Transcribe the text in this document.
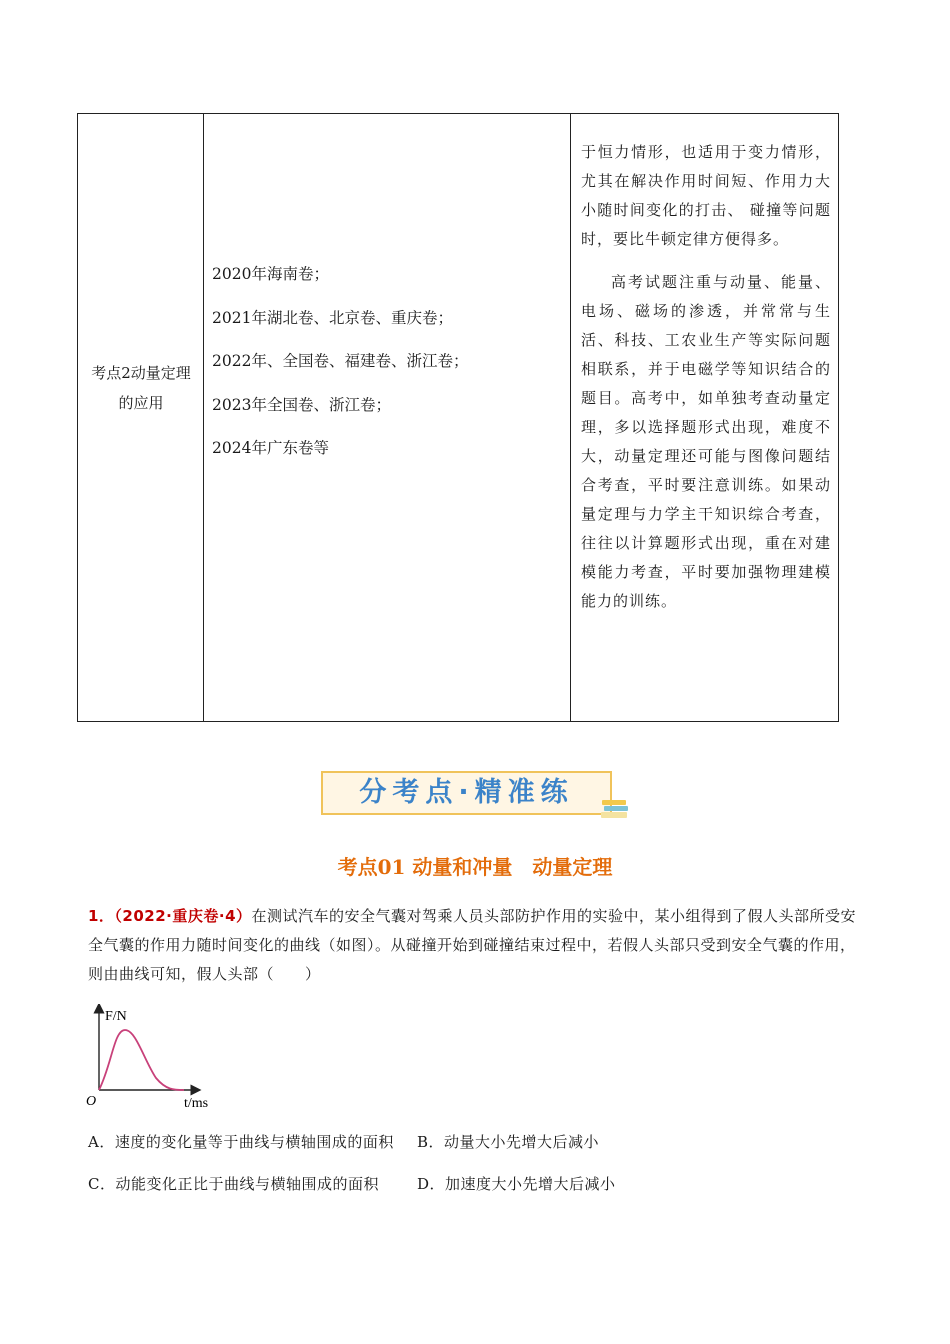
考点2动量定理的应用
2020年海南卷；
2021年湖北卷、北京卷、重庆卷；
2022年、全国卷、福建卷、浙江卷；
2023年全国卷、浙江卷；
2024年广东卷等

于恒力情形，也适用于变力情形，尤其在解决作用时间短、作用力大小随时间变化的打击、 碰撞等问题时，要比牛顿定律方便得多。

高考试题注重与动量、能量、电场、磁场的渗透，并常常与生活、科技、工农业生产等实际问题相联系，并于电磁学等知识结合的题目。高考中，如单独考查动量定理，多以选择题形式出现，难度不大，动量定理还可能与图像问题结合考查，平时要注意训练。如果动量定理与力学主干知识综合考查，往往以计算题形式出现，重在对建模能力考查，平时要加强物理建模能力的训练。

分考点·精准练
考点01 动量和冲量　动量定理
1．（2022·重庆卷·4）在测试汽车的安全气囊对驾乘人员头部防护作用的实验中，某小组得到了假人头部所受安全气囊的作用力随时间变化的曲线（如图）。从碰撞开始到碰撞结束过程中，若假人头部只受到安全气囊的作用，则由曲线可知，假人头部（　　）
F/N
t/ms
O
A．速度的变化量等于曲线与横轴围成的面积 B．动量大小先增大后减小
C．动能变化正比于曲线与横轴围成的面积	D．加速度大小先增大后减小
